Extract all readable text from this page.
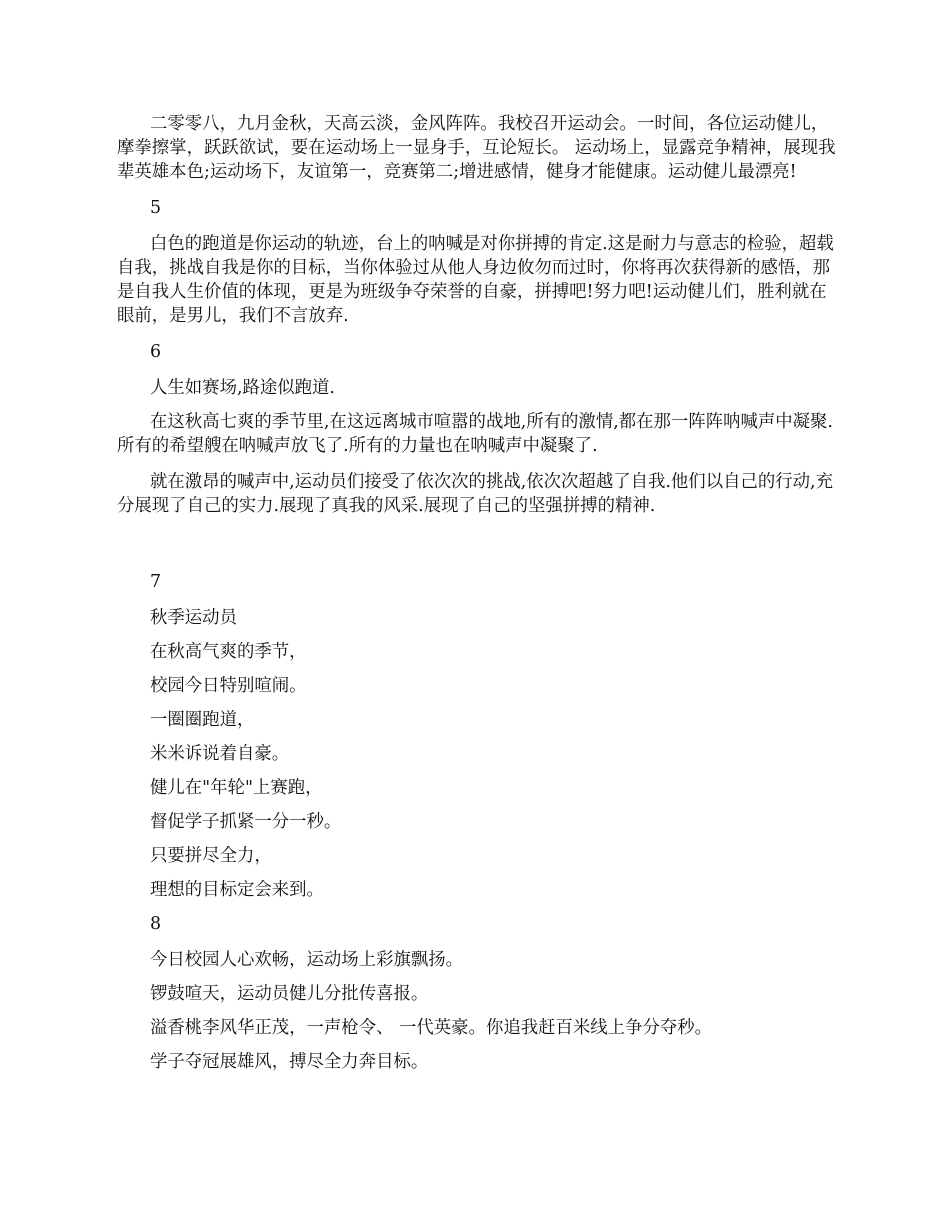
二零零八，九月金秋，天高云淡，金风阵阵。我校召开运动会。一时间，各位运动健儿，摩拳擦掌，跃跃欲试，要在运动场上一显身手，互论短长。 运动场上，显露竞争精神，展现我辈英雄本色;运动场下，友谊第一，竞赛第二;增进感情，健身才能健康。运动健儿最漂亮!

5

白色的跑道是你运动的轨迹，台上的呐喊是对你拼搏的肯定.这是耐力与意志的检验，超载自我，挑战自我是你的目标，当你体验过从他人身边攸勿而过时，你将再次获得新的感悟，那是自我人生价值的体现，更是为班级争夺荣誉的自豪，拼搏吧!努力吧!运动健儿们，胜利就在眼前，是男儿，我们不言放弃.

6

人生如赛场,路途似跑道.

在这秋高七爽的季节里,在这远离城市喧嚣的战地,所有的激情,都在那一阵阵呐喊声中凝聚.所有的希望艘在呐喊声放飞了.所有的力量也在呐喊声中凝聚了.

就在激昂的喊声中,运动员们接受了依次次的挑战,依次次超越了自我.他们以自己的行动,充分展现了自己的实力.展现了真我的风采.展现了自己的坚强拼搏的精神.

7

秋季运动员

在秋高气爽的季节，

校园今日特别喧闹。

一圈圈跑道，

米米诉说着自豪。

健儿在"年轮"上赛跑，

督促学子抓紧一分一秒。

只要拼尽全力，

理想的目标定会来到。

8

今日校园人心欢畅，运动场上彩旗飘扬。

锣鼓喧天，运动员健儿分批传喜报。

溢香桃李风华正茂，一声枪令、 一代英豪。你追我赶百米线上争分夺秒。

学子夺冠展雄风，搏尽全力奔目标。
